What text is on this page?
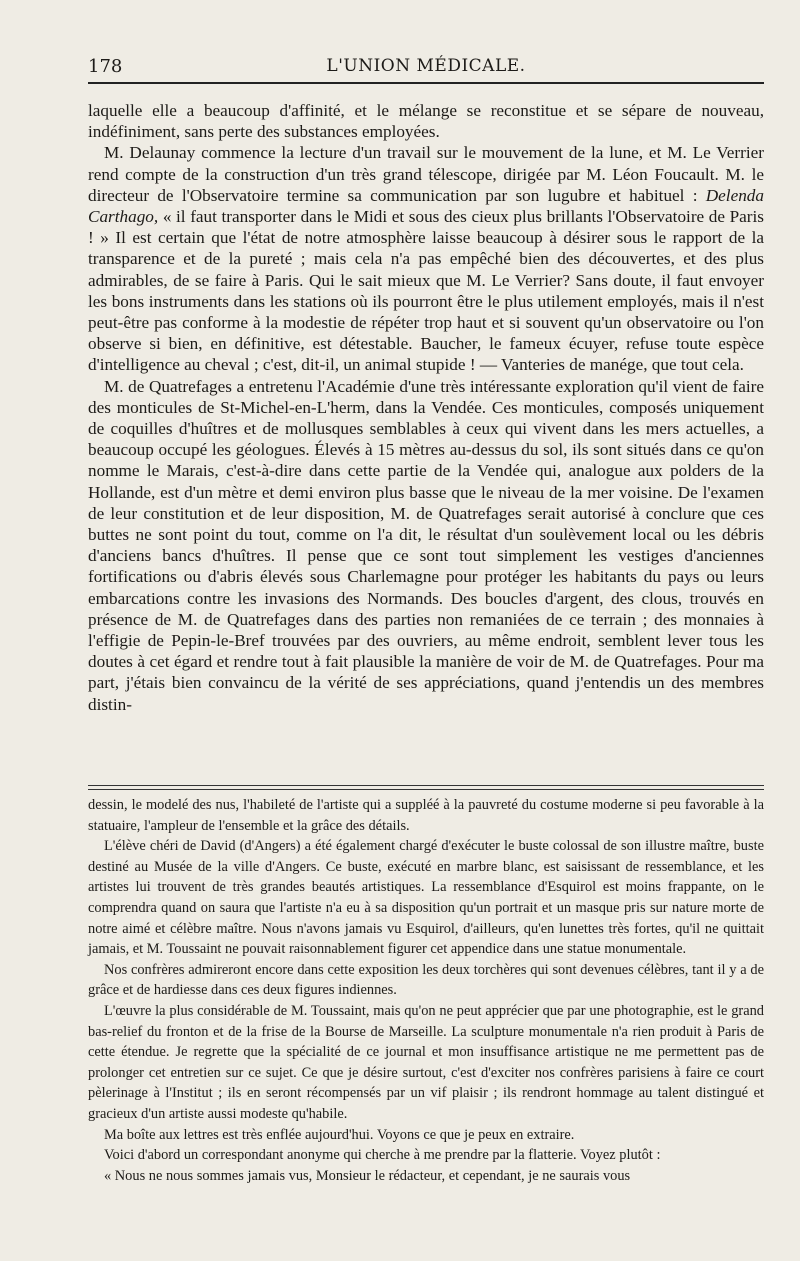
178	L'UNION MÉDICALE.

laquelle elle a beaucoup d'affinité, et le mélange se reconstitue et se sépare de nouveau, indéfiniment, sans perte des substances employées.

M. Delaunay commence la lecture d'un travail sur le mouvement de la lune, et M. Le Verrier rend compte de la construction d'un très grand télescope, dirigée par M. Léon Foucault. M. le directeur de l'Observatoire termine sa communication par son lugubre et habituel : Delenda Carthago, « il faut transporter dans le Midi et sous des cieux plus brillants l'Observatoire de Paris ! » Il est certain que l'état de notre atmosphère laisse beaucoup à désirer sous le rapport de la transparence et de la pureté ; mais cela n'a pas empêché bien des découvertes, et des plus admirables, de se faire à Paris. Qui le sait mieux que M. Le Verrier? Sans doute, il faut envoyer les bons instruments dans les stations où ils pourront être le plus utilement employés, mais il n'est peut-être pas conforme à la modestie de répéter trop haut et si souvent qu'un observatoire ou l'on observe si bien, en définitive, est détestable. Baucher, le fameux écuyer, refuse toute espèce d'intelligence au cheval ; c'est, dit-il, un animal stupide ! — Vanteries de manége, que tout cela.

M. de Quatrefages a entretenu l'Académie d'une très intéressante exploration qu'il vient de faire des monticules de St-Michel-en-L'herm, dans la Vendée. Ces monticules, composés uniquement de coquilles d'huîtres et de mollusques semblables à ceux qui vivent dans les mers actuelles, a beaucoup occupé les géologues. Élevés à 15 mètres au-dessus du sol, ils sont situés dans ce qu'on nomme le Marais, c'est-à-dire dans cette partie de la Vendée qui, analogue aux polders de la Hollande, est d'un mètre et demi environ plus basse que le niveau de la mer voisine. De l'examen de leur constitution et de leur disposition, M. de Quatrefages serait autorisé à conclure que ces buttes ne sont point du tout, comme on l'a dit, le résultat d'un soulèvement local ou les débris d'anciens bancs d'huîtres. Il pense que ce sont tout simplement les vestiges d'anciennes fortifications ou d'abris élevés sous Charlemagne pour protéger les habitants du pays ou leurs embarcations contre les invasions des Normands. Des boucles d'argent, des clous, trouvés en présence de M. de Quatrefages dans des parties non remaniées de ce terrain ; des monnaies à l'effigie de Pepin-le-Bref trouvées par des ouvriers, au même endroit, semblent lever tous les doutes à cet égard et rendre tout à fait plausible la manière de voir de M. de Quatrefages. Pour ma part, j'étais bien convaincu de la vérité de ses appréciations, quand j'entendis un des membres distin-

dessin, le modelé des nus, l'habileté de l'artiste qui a suppléé à la pauvreté du costume moderne si peu favorable à la statuaire, l'ampleur de l'ensemble et la grâce des détails.

L'élève chéri de David (d'Angers) a été également chargé d'exécuter le buste colossal de son illustre maître, buste destiné au Musée de la ville d'Angers. Ce buste, exécuté en marbre blanc, est saisissant de ressemblance, et les artistes lui trouvent de très grandes beautés artistiques. La ressemblance d'Esquirol est moins frappante, on le comprendra quand on saura que l'artiste n'a eu à sa disposition qu'un portrait et un masque pris sur nature morte de notre aimé et célèbre maître. Nous n'avons jamais vu Esquirol, d'ailleurs, qu'en lunettes très fortes, qu'il ne quittait jamais, et M. Toussaint ne pouvait raisonnablement figurer cet appendice dans une statue monumentale.

Nos confrères admireront encore dans cette exposition les deux torchères qui sont devenues célèbres, tant il y a de grâce et de hardiesse dans ces deux figures indiennes.

L'œuvre la plus considérable de M. Toussaint, mais qu'on ne peut apprécier que par une photographie, est le grand bas-relief du fronton et de la frise de la Bourse de Marseille. La sculpture monumentale n'a rien produit à Paris de cette étendue. Je regrette que la spécialité de ce journal et mon insuffisance artistique ne me permettent pas de prolonger cet entretien sur ce sujet. Ce que je désire surtout, c'est d'exciter nos confrères parisiens à faire ce court pèlerinage à l'Institut ; ils en seront récompensés par un vif plaisir ; ils rendront hommage au talent distingué et gracieux d'un artiste aussi modeste qu'habile.

Ma boîte aux lettres est très enflée aujourd'hui. Voyons ce que je peux en extraire.

Voici d'abord un correspondant anonyme qui cherche à me prendre par la flatterie. Voyez plutôt :

« Nous ne nous sommes jamais vus, Monsieur le rédacteur, et cependant, je ne saurais vous
